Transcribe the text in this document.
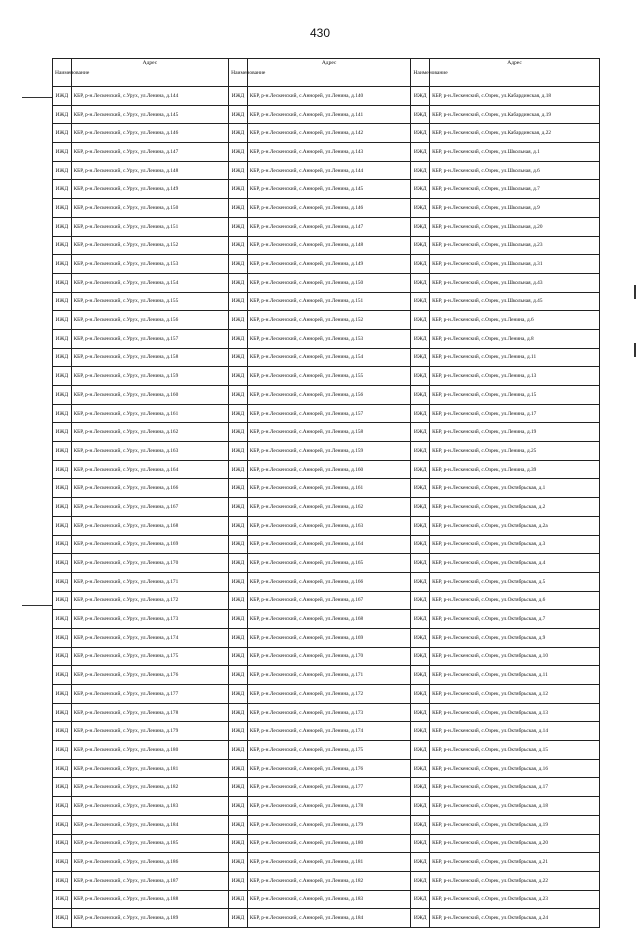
430
Наименование	Адрес	Наименование	Адрес	Наименование	Адрес
ИЖД	КБР, р-н.Лескенский, с.Урух, ул.Ленина, д.144	ИЖД	КБР, р-н.Лескенский, с.Аннорей, ул.Ленина, д.140	ИЖД	КБР, р-н.Лескенский, с.Озрек, ул.Кабардинская, д.18
ИЖД	КБР, р-н.Лескенский, с.Урух, ул.Ленина, д.145	ИЖД	КБР, р-н.Лескенский, с.Аннорей, ул.Ленина, д.141	ИЖД	КБР, р-н.Лескенский, с.Озрек, ул.Кабардинская, д.19
ИЖД	КБР, р-н.Лескенский, с.Урух, ул.Ленина, д.146	ИЖД	КБР, р-н.Лескенский, с.Аннорей, ул.Ленина, д.142	ИЖД	КБР, р-н.Лескенский, с.Озрек, ул.Кабардинская, д.22
ИЖД	КБР, р-н.Лескенский, с.Урух, ул.Ленина, д.147	ИЖД	КБР, р-н.Лескенский, с.Аннорей, ул.Ленина, д.143	ИЖД	КБР, р-н.Лескенский, с.Озрек, ул.Школьная, д.1
ИЖД	КБР, р-н.Лескенский, с.Урух, ул.Ленина, д.148	ИЖД	КБР, р-н.Лескенский, с.Аннорей, ул.Ленина, д.144	ИЖД	КБР, р-н.Лескенский, с.Озрек, ул.Школьная, д.6
ИЖД	КБР, р-н.Лескенский, с.Урух, ул.Ленина, д.149	ИЖД	КБР, р-н.Лескенский, с.Аннорей, ул.Ленина, д.145	ИЖД	КБР, р-н.Лескенский, с.Озрек, ул.Школьная, д.7
ИЖД	КБР, р-н.Лескенский, с.Урух, ул.Ленина, д.150	ИЖД	КБР, р-н.Лескенский, с.Аннорей, ул.Ленина, д.146	ИЖД	КБР, р-н.Лескенский, с.Озрек, ул.Школьная, д.9
ИЖД	КБР, р-н.Лескенский, с.Урух, ул.Ленина, д.151	ИЖД	КБР, р-н.Лескенский, с.Аннорей, ул.Ленина, д.147	ИЖД	КБР, р-н.Лескенский, с.Озрек, ул.Школьная, д.20
ИЖД	КБР, р-н.Лескенский, с.Урух, ул.Ленина, д.152	ИЖД	КБР, р-н.Лескенский, с.Аннорей, ул.Ленина, д.148	ИЖД	КБР, р-н.Лескенский, с.Озрек, ул.Школьная, д.23
ИЖД	КБР, р-н.Лескенский, с.Урух, ул.Ленина, д.153	ИЖД	КБР, р-н.Лескенский, с.Аннорей, ул.Ленина, д.149	ИЖД	КБР, р-н.Лескенский, с.Озрек, ул.Школьная, д.31
ИЖД	КБР, р-н.Лескенский, с.Урух, ул.Ленина, д.154	ИЖД	КБР, р-н.Лескенский, с.Аннорей, ул.Ленина, д.150	ИЖД	КБР, р-н.Лескенский, с.Озрек, ул.Школьная, д.43
ИЖД	КБР, р-н.Лескенский, с.Урух, ул.Ленина, д.155	ИЖД	КБР, р-н.Лескенский, с.Аннорей, ул.Ленина, д.151	ИЖД	КБР, р-н.Лескенский, с.Озрек, ул.Школьная, д.45
ИЖД	КБР, р-н.Лескенский, с.Урух, ул.Ленина, д.156	ИЖД	КБР, р-н.Лескенский, с.Аннорей, ул.Ленина, д.152	ИЖД	КБР, р-н.Лескенский, с.Озрек, ул.Ленина, д.6
ИЖД	КБР, р-н.Лескенский, с.Урух, ул.Ленина, д.157	ИЖД	КБР, р-н.Лескенский, с.Аннорей, ул.Ленина, д.153	ИЖД	КБР, р-н.Лескенский, с.Озрек, ул.Ленина, д.8
ИЖД	КБР, р-н.Лескенский, с.Урух, ул.Ленина, д.158	ИЖД	КБР, р-н.Лескенский, с.Аннорей, ул.Ленина, д.154	ИЖД	КБР, р-н.Лескенский, с.Озрек, ул.Ленина, д.11
ИЖД	КБР, р-н.Лескенский, с.Урух, ул.Ленина, д.159	ИЖД	КБР, р-н.Лескенский, с.Аннорей, ул.Ленина, д.155	ИЖД	КБР, р-н.Лескенский, с.Озрек, ул.Ленина, д.13
ИЖД	КБР, р-н.Лескенский, с.Урух, ул.Ленина, д.160	ИЖД	КБР, р-н.Лескенский, с.Аннорей, ул.Ленина, д.156	ИЖД	КБР, р-н.Лескенский, с.Озрек, ул.Ленина, д.15
ИЖД	КБР, р-н.Лескенский, с.Урух, ул.Ленина, д.161	ИЖД	КБР, р-н.Лескенский, с.Аннорей, ул.Ленина, д.157	ИЖД	КБР, р-н.Лескенский, с.Озрек, ул.Ленина, д.17
ИЖД	КБР, р-н.Лескенский, с.Урух, ул.Ленина, д.162	ИЖД	КБР, р-н.Лескенский, с.Аннорей, ул.Ленина, д.158	ИЖД	КБР, р-н.Лескенский, с.Озрек, ул.Ленина, д.19
ИЖД	КБР, р-н.Лескенский, с.Урух, ул.Ленина, д.163	ИЖД	КБР, р-н.Лескенский, с.Аннорей, ул.Ленина, д.159	ИЖД	КБР, р-н.Лескенский, с.Озрек, ул.Ленина, д.25
ИЖД	КБР, р-н.Лескенский, с.Урух, ул.Ленина, д.164	ИЖД	КБР, р-н.Лескенский, с.Аннорей, ул.Ленина, д.160	ИЖД	КБР, р-н.Лескенский, с.Озрек, ул.Ленина, д.39
ИЖД	КБР, р-н.Лескенский, с.Урух, ул.Ленина, д.166	ИЖД	КБР, р-н.Лескенский, с.Аннорей, ул.Ленина, д.161	ИЖД	КБР, р-н.Лескенский, с.Озрек, ул.Октябрьская, д.1
ИЖД	КБР, р-н.Лескенский, с.Урух, ул.Ленина, д.167	ИЖД	КБР, р-н.Лескенский, с.Аннорей, ул.Ленина, д.162	ИЖД	КБР, р-н.Лескенский, с.Озрек, ул.Октябрьская, д.2
ИЖД	КБР, р-н.Лескенский, с.Урух, ул.Ленина, д.168	ИЖД	КБР, р-н.Лескенский, с.Аннорей, ул.Ленина, д.163	ИЖД	КБР, р-н.Лескенский, с.Озрек, ул.Октябрьская, д.2а
ИЖД	КБР, р-н.Лескенский, с.Урух, ул.Ленина, д.169	ИЖД	КБР, р-н.Лескенский, с.Аннорей, ул.Ленина, д.164	ИЖД	КБР, р-н.Лескенский, с.Озрек, ул.Октябрьская, д.3
ИЖД	КБР, р-н.Лескенский, с.Урух, ул.Ленина, д.170	ИЖД	КБР, р-н.Лескенский, с.Аннорей, ул.Ленина, д.165	ИЖД	КБР, р-н.Лескенский, с.Озрек, ул.Октябрьская, д.4
ИЖД	КБР, р-н.Лескенский, с.Урух, ул.Ленина, д.171	ИЖД	КБР, р-н.Лескенский, с.Аннорей, ул.Ленина, д.166	ИЖД	КБР, р-н.Лескенский, с.Озрек, ул.Октябрьская, д.5
ИЖД	КБР, р-н.Лескенский, с.Урух, ул.Ленина, д.172	ИЖД	КБР, р-н.Лескенский, с.Аннорей, ул.Ленина, д.167	ИЖД	КБР, р-н.Лескенский, с.Озрек, ул.Октябрьская, д.6
ИЖД	КБР, р-н.Лескенский, с.Урух, ул.Ленина, д.173	ИЖД	КБР, р-н.Лескенский, с.Аннорей, ул.Ленина, д.168	ИЖД	КБР, р-н.Лескенский, с.Озрек, ул.Октябрьская, д.7
ИЖД	КБР, р-н.Лескенский, с.Урух, ул.Ленина, д.174	ИЖД	КБР, р-н.Лескенский, с.Аннорей, ул.Ленина, д.169	ИЖД	КБР, р-н.Лескенский, с.Озрек, ул.Октябрьская, д.9
ИЖД	КБР, р-н.Лескенский, с.Урух, ул.Ленина, д.175	ИЖД	КБР, р-н.Лескенский, с.Аннорей, ул.Ленина, д.170	ИЖД	КБР, р-н.Лескенский, с.Озрек, ул.Октябрьская, д.10
ИЖД	КБР, р-н.Лескенский, с.Урух, ул.Ленина, д.176	ИЖД	КБР, р-н.Лескенский, с.Аннорей, ул.Ленина, д.171	ИЖД	КБР, р-н.Лескенский, с.Озрек, ул.Октябрьская, д.11
ИЖД	КБР, р-н.Лескенский, с.Урух, ул.Ленина, д.177	ИЖД	КБР, р-н.Лескенский, с.Аннорей, ул.Ленина, д.172	ИЖД	КБР, р-н.Лескенский, с.Озрек, ул.Октябрьская, д.12
ИЖД	КБР, р-н.Лескенский, с.Урух, ул.Ленина, д.178	ИЖД	КБР, р-н.Лескенский, с.Аннорей, ул.Ленина, д.173	ИЖД	КБР, р-н.Лескенский, с.Озрек, ул.Октябрьская, д.13
ИЖД	КБР, р-н.Лескенский, с.Урух, ул.Ленина, д.179	ИЖД	КБР, р-н.Лескенский, с.Аннорей, ул.Ленина, д.174	ИЖД	КБР, р-н.Лескенский, с.Озрек, ул.Октябрьская, д.14
ИЖД	КБР, р-н.Лескенский, с.Урух, ул.Ленина, д.180	ИЖД	КБР, р-н.Лескенский, с.Аннорей, ул.Ленина, д.175	ИЖД	КБР, р-н.Лескенский, с.Озрек, ул.Октябрьская, д.15
ИЖД	КБР, р-н.Лескенский, с.Урух, ул.Ленина, д.181	ИЖД	КБР, р-н.Лескенский, с.Аннорей, ул.Ленина, д.176	ИЖД	КБР, р-н.Лескенский, с.Озрек, ул.Октябрьская, д.16
ИЖД	КБР, р-н.Лескенский, с.Урух, ул.Ленина, д.182	ИЖД	КБР, р-н.Лескенский, с.Аннорей, ул.Ленина, д.177	ИЖД	КБР, р-н.Лескенский, с.Озрек, ул.Октябрьская, д.17
ИЖД	КБР, р-н.Лескенский, с.Урух, ул.Ленина, д.183	ИЖД	КБР, р-н.Лескенский, с.Аннорей, ул.Ленина, д.178	ИЖД	КБР, р-н.Лескенский, с.Озрек, ул.Октябрьская, д.18
ИЖД	КБР, р-н.Лескенский, с.Урух, ул.Ленина, д.184	ИЖД	КБР, р-н.Лескенский, с.Аннорей, ул.Ленина, д.179	ИЖД	КБР, р-н.Лескенский, с.Озрек, ул.Октябрьская, д.19
ИЖД	КБР, р-н.Лескенский, с.Урух, ул.Ленина, д.185	ИЖД	КБР, р-н.Лескенский, с.Аннорей, ул.Ленина, д.180	ИЖД	КБР, р-н.Лескенский, с.Озрек, ул.Октябрьская, д.20
ИЖД	КБР, р-н.Лескенский, с.Урух, ул.Ленина, д.186	ИЖД	КБР, р-н.Лескенский, с.Аннорей, ул.Ленина, д.181	ИЖД	КБР, р-н.Лескенский, с.Озрек, ул.Октябрьская, д.21
ИЖД	КБР, р-н.Лескенский, с.Урух, ул.Ленина, д.187	ИЖД	КБР, р-н.Лескенский, с.Аннорей, ул.Ленина, д.182	ИЖД	КБР, р-н.Лескенский, с.Озрек, ул.Октябрьская, д.22
ИЖД	КБР, р-н.Лескенский, с.Урух, ул.Ленина, д.188	ИЖД	КБР, р-н.Лескенский, с.Аннорей, ул.Ленина, д.183	ИЖД	КБР, р-н.Лескенский, с.Озрек, ул.Октябрьская, д.23
ИЖД	КБР, р-н.Лескенский, с.Урух, ул.Ленина, д.189	ИЖД	КБР, р-н.Лескенский, с.Аннорей, ул.Ленина, д.184	ИЖД	КБР, р-н.Лескенский, с.Озрек, ул.Октябрьская, д.24
